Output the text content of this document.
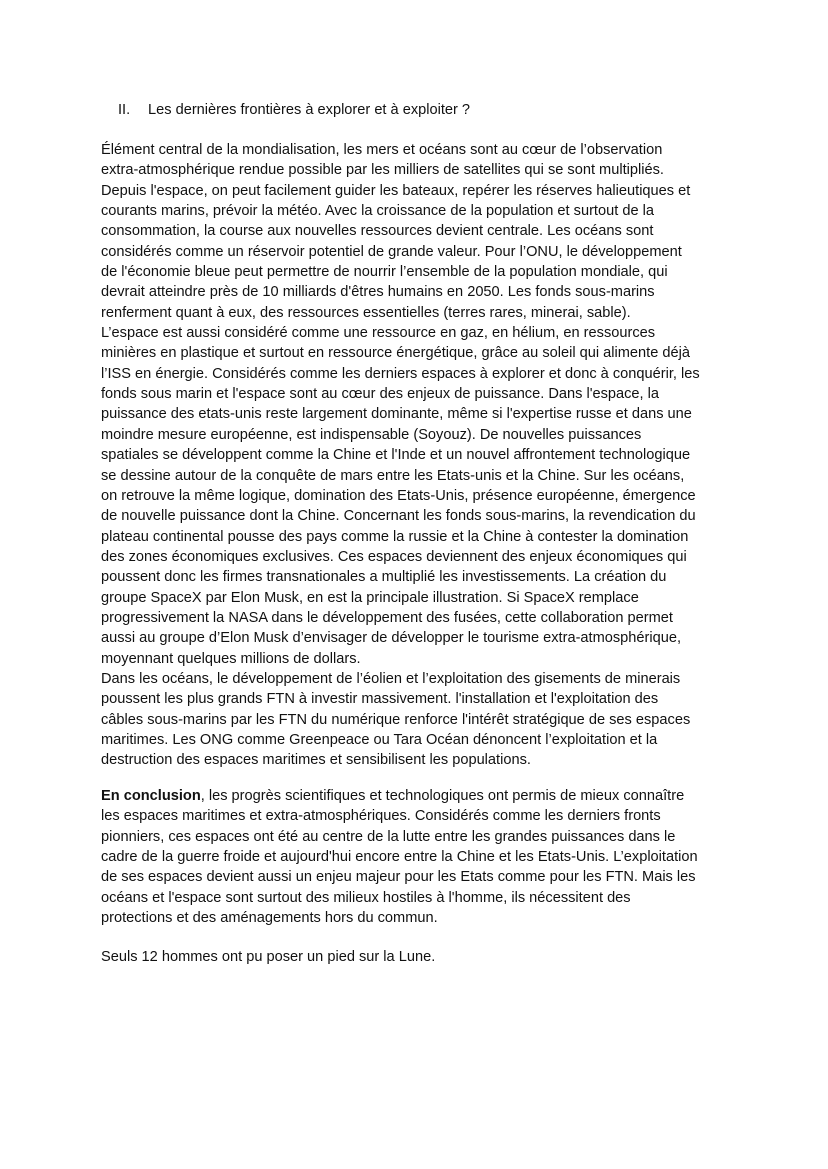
II. Les dernières frontières à explorer et à exploiter ?
Élément central de la mondialisation, les mers et océans sont au cœur de l’observation
extra-atmosphérique rendue possible par les milliers de satellites qui se sont multipliés.
Depuis l'espace, on peut facilement guider les bateaux, repérer les réserves halieutiques et
courants marins, prévoir la météo. Avec la croissance de la population et surtout de la
consommation, la course aux nouvelles ressources devient centrale. Les océans sont
considérés comme un réservoir potentiel de grande valeur. Pour l’ONU, le développement
de l'économie bleue peut permettre de nourrir l’ensemble de la population mondiale, qui
devrait atteindre près de 10 milliards d'êtres humains en 2050. Les fonds sous-marins
renferment quant à eux, des ressources essentielles (terres rares, minerai, sable).
L’espace est aussi considéré comme une ressource en gaz, en hélium, en ressources
minières en plastique et surtout en ressource énergétique, grâce au soleil qui alimente déjà
l’ISS en énergie. Considérés comme les derniers espaces à explorer et donc à conquérir, les
fonds sous marin et l'espace sont au cœur des enjeux de puissance. Dans l'espace, la
puissance des etats-unis reste largement dominante, même si l'expertise russe et dans une
moindre mesure européenne, est indispensable (Soyouz). De nouvelles puissances
spatiales se développent comme la Chine et l'Inde et un nouvel affrontement technologique
se dessine autour de la conquête de mars entre les Etats-unis et la Chine. Sur les océans,
on retrouve la même logique, domination des Etats-Unis, présence européenne, émergence
de nouvelle puissance dont la Chine. Concernant les fonds sous-marins, la revendication du
plateau continental pousse des pays comme la russie et la Chine à contester la domination
des zones économiques exclusives. Ces espaces deviennent des enjeux économiques qui
poussent donc les firmes transnationales a multiplié les investissements. La création du
groupe SpaceX par Elon Musk, en est la principale illustration. Si SpaceX remplace
progressivement la NASA dans le développement des fusées, cette collaboration permet
aussi au groupe d’Elon Musk d’envisager de développer le tourisme extra-atmosphérique,
moyennant quelques millions de dollars.
Dans les océans, le développement de l’éolien et l’exploitation des gisements de minerais
poussent les plus grands FTN à investir massivement. l'installation et l'exploitation des
câbles sous-marins par les FTN du numérique renforce l'intérêt stratégique de ses espaces
maritimes. Les ONG comme Greenpeace ou Tara Océan dénoncent l’exploitation et la
destruction des espaces maritimes et sensibilisent les populations.
En conclusion, les progrès scientifiques et technologiques ont permis de mieux connaître
les espaces maritimes et extra-atmosphériques. Considérés comme les derniers fronts
pionniers, ces espaces ont été au centre de la lutte entre les grandes puissances dans le
cadre de la guerre froide et aujourd'hui encore entre la Chine et les Etats-Unis. L’exploitation
de ses espaces devient aussi un enjeu majeur pour les Etats comme pour les FTN. Mais les
océans et l'espace sont surtout des milieux hostiles à l'homme, ils nécessitent des
protections et des aménagements hors du commun.
Seuls 12 hommes ont pu poser un pied sur la Lune.
